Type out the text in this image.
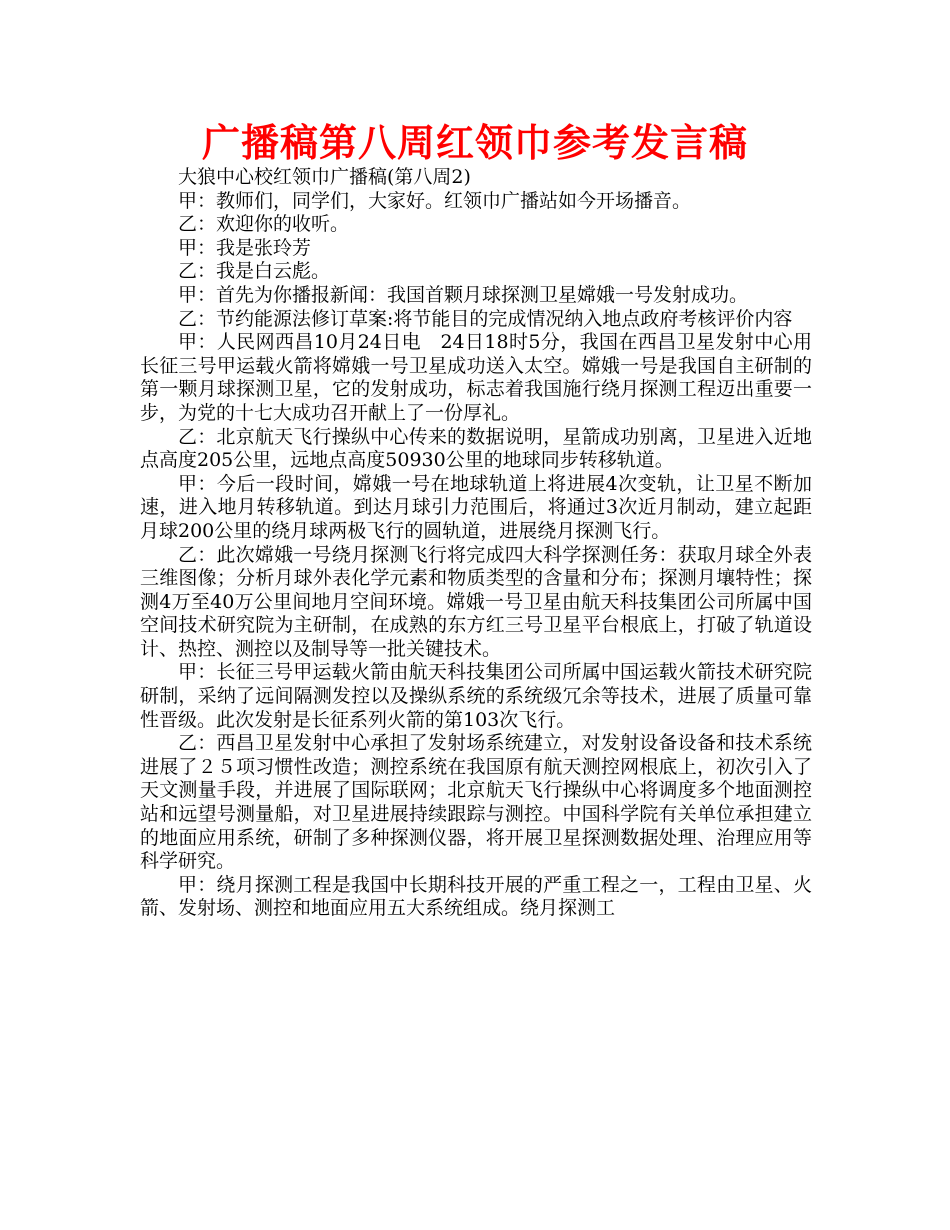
广播稿第八周红领巾参考发言稿

大狼中心校红领巾广播稿(第八周2)

甲：教师们，同学们，大家好。红领巾广播站如今开场播音。

乙：欢迎你的收听。

甲：我是张玲芳

乙：我是白云彪。

甲：首先为你播报新闻：我国首颗月球探测卫星嫦娥一号发射成功。

乙：节约能源法修订草案:将节能目的完成情况纳入地点政府考核评价内容

甲：人民网西昌10月24日电　24日18时5分，我国在西昌卫星发射中心用长征三号甲运载火箭将嫦娥一号卫星成功送入太空。嫦娥一号是我国自主研制的第一颗月球探测卫星，它的发射成功，标志着我国施行绕月探测工程迈出重要一步，为党的十七大成功召开献上了一份厚礼。

乙：北京航天飞行操纵中心传来的数据说明，星箭成功别离，卫星进入近地点高度205公里，远地点高度50930公里的地球同步转移轨道。

甲：今后一段时间，嫦娥一号在地球轨道上将进展4次变轨，让卫星不断加速，进入地月转移轨道。到达月球引力范围后，将通过3次近月制动，建立起距月球200公里的绕月球两极飞行的圆轨道，进展绕月探测飞行。

乙：此次嫦娥一号绕月探测飞行将完成四大科学探测任务：获取月球全外表三维图像；分析月球外表化学元素和物质类型的含量和分布；探测月壤特性；探测4万至40万公里间地月空间环境。嫦娥一号卫星由航天科技集团公司所属中国空间技术研究院为主研制，在成熟的东方红三号卫星平台根底上，打破了轨道设计、热控、测控以及制导等一批关键技术。

甲：长征三号甲运载火箭由航天科技集团公司所属中国运载火箭技术研究院研制，采纳了远间隔测发控以及操纵系统的系统级冗余等技术，进展了质量可靠性晋级。此次发射是长征系列火箭的第103次飞行。

乙：西昌卫星发射中心承担了发射场系统建立，对发射设备设备和技术系统进展了２５项习惯性改造；测控系统在我国原有航天测控网根底上，初次引入了天文测量手段，并进展了国际联网；北京航天飞行操纵中心将调度多个地面测控站和远望号测量船，对卫星进展持续跟踪与测控。中国科学院有关单位承担建立的地面应用系统，研制了多种探测仪器，将开展卫星探测数据处理、治理应用等科学研究。

甲：绕月探测工程是我国中长期科技开展的严重工程之一，工程由卫星、火箭、发射场、测控和地面应用五大系统组成。绕月探测工
